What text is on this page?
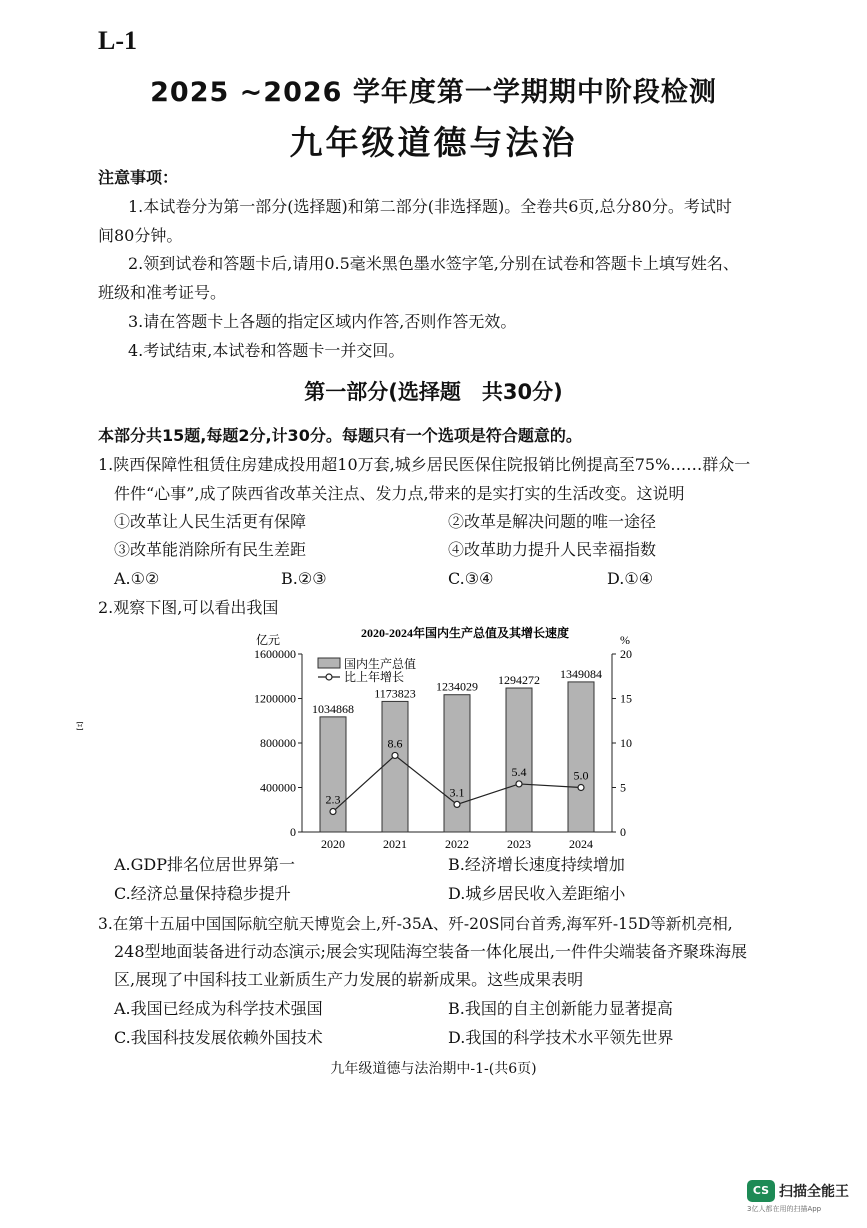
L-1
2025 ~2026 学年度第一学期期中阶段检测
九年级道德与法治
注意事项：
1.本试卷分为第一部分(选择题)和第二部分(非选择题)。全卷共6页,总分80分。考试时
间80分钟。
2.领到试卷和答题卡后,请用0.5毫米黑色墨水签字笔,分别在试卷和答题卡上填写姓名、
班级和准考证号。
3.请在答题卡上各题的指定区域内作答,否则作答无效。
4.考试结束,本试卷和答题卡一并交回。
第一部分(选择题　共30分)
本部分共15题,每题2分,计30分。每题只有一个选项是符合题意的。
1.陕西保障性租赁住房建成投用超10万套,城乡居民医保住院报销比例提高至75%……群众一
件件“心事”,成了陕西省改革关注点、发力点,带来的是实打实的生活改变。这说明
①改革让人民生活更有保障	②改革是解决问题的唯一途径
③改革能消除所有民生差距	④改革助力提升人民幸福指数
A.①②	B.②③	C.③④	D.①④
2.观察下图,可以看出我国
Ξ
2020-2024年国内生产总值及其增长速度
亿元	%
0
400000
800000
1200000
1600000
0
5
10
15
20
1034868
1173823 1234029 1294272 1349084
2020	2021	2022	2023	2024
2.3
8.6
3.1
5.4	5.0
国内生产总值
比上年增长
A.GDP排名位居世界第一	B.经济增长速度持续增加
C.经济总量保持稳步提升	D.城乡居民收入差距缩小
3.在第十五届中国国际航空航天博览会上,歼-35A、歼-20S同台首秀,海军歼-15D等新机亮相,
248型地面装备进行动态演示;展会实现陆海空装备一体化展出,一件件尖端装备齐聚珠海展
区,展现了中国科技工业新质生产力发展的崭新成果。这些成果表明
A.我国已经成为科学技术强国	B.我国的自主创新能力显著提高
C.我国科技发展依赖外国技术	D.我国的科学技术水平领先世界
九年级道德与法治期中-1-(共6页)
CS 扫描全能王
3亿人都在用的扫描App
